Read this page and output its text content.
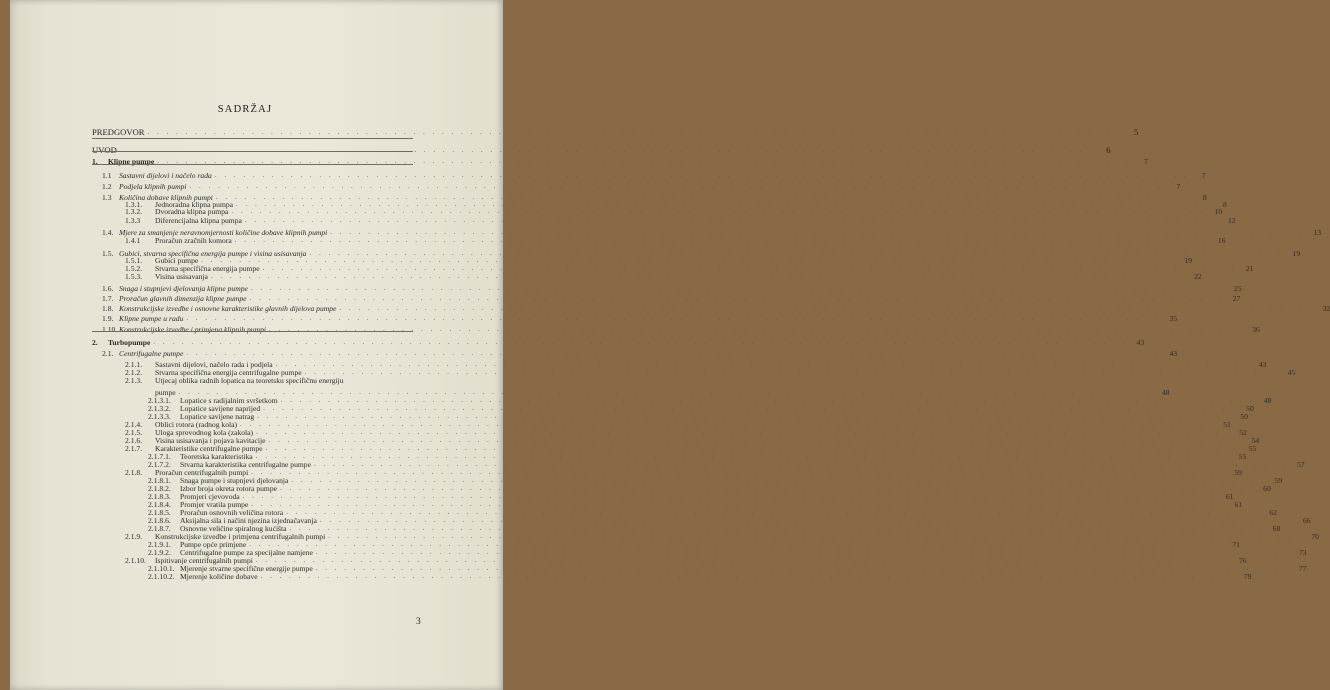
SADRŽAJ
PREDGOVOR . . .	5
UVOD . . .	6
1.	Klipne pumpe . . .	7
1.1 Sastavni dijelovi i načelo rada . . .	7
1.2 Podjela klipnih pumpi . . .	7
1.3 Količina dobave klipnih pumpi . . .	8
1.3.1.	Jednoradna klipna pumpa . . .	8
1.3.2.	Dvoradna klipna pumpa . . .	10
1.3.3	Diferencijalna klipna pumpa . . .	12
1.4. Mjere za smanjenje neravnomjernosti količine dobave klipnih pumpi . . .	13
1.4.1	Proračun zračnih komora . . .	16
1.5. Gubici, stvarna specifična energija pumpe i visina usisavanja . . .	19
1.5.1.	Gubici pumpe . . .	19
1.5.2.	Stvarna specifična energija pumpe . . .	21
1.5.3.	Visina usisavanja . . .	22
1.6. Snaga i stupnjevi djelovanja klipne pumpe . . .	25
1.7. Proračun glavnih dimenzija klipne pumpe . . .	27
1.8. Konstrukcijske izvedbe i osnovne karakteristike glavnih dijelova pumpe . . .	32
1.9. Klipne pumpe u radu . . .	35
1.10. Konstrukcijske izvedbe i primjena klipnih pumpi . . .	36
2.	Turbopumpe . . .	43
2.1. Centrifugalne pumpe . . .	43
2.1.1.	Sastavni dijelovi, načelo rada i podjela . . .	43
2.1.2.	Stvarna specifična energija centrifugalne pumpe . . .	45
2.1.3.	Utjecaj oblika radnih lopatica na teoretsku specifičnu energiju
pumpe . . .	48
2.1.3.1.	Lopatice s radijalnim svršetkom . . .	48
2.1.3.2.	Lopatice savijene naprijed . . .	50
2.1.3.3.	Lopatice savijene natrag . . .	50
2.1.4.	Oblici rotora (radnog kola) . . .	51
2.1.5.	Uloga sprovodnog kola (zakola) . . .	52
2.1.6.	Visina usisavanja i pojava kavitacije . . .	54
2.1.7.	Karakteristike centrifugalne pumpe . . .	55
2.1.7.1.	Teoretska karakteristika . . .	55
2.1.7.2.	Stvarna karakteristika centrifugalne pumpe . . .	57
2.1.8.	Proračun centrifugalnih pumpi . . .	59
2.1.8.1.	Snaga pumpe i stupnjevi djelovanja . . .	59
2.1.8.2.	Izbor broja okreta rotora pumpe . . .	60
2.1.8.3.	Promjeri cjevovoda . . .	61
2.1.8.4.	Promjer vratila pumpe . . .	61
2.1.8.5.	Proračun osnovnih veličina rotora . . .	62
2.1.8.6.	Aksijalna sila i načini njezina izjednačavanja . . .	66
2.1.8.7.	Osnovne veličine spiralnog kućišta . . .	68
2.1.9.	Konstrukcijske izvedbe i primjena centrifugalnih pumpi . . .	70
2.1.9.1.	Pumpe opće primjene . . .	71
2.1.9.2.	Centrifugalne pumpe za specijalne namjene . . .	73
2.1.10.	Ispitivanje centrifugalnih pumpi . . .	76
2.1.10.1. Mjerenje stvarne specifične energije pumpe . . .	77
2.1.10.2. Mjerenje količine dobave . . .	79
3
